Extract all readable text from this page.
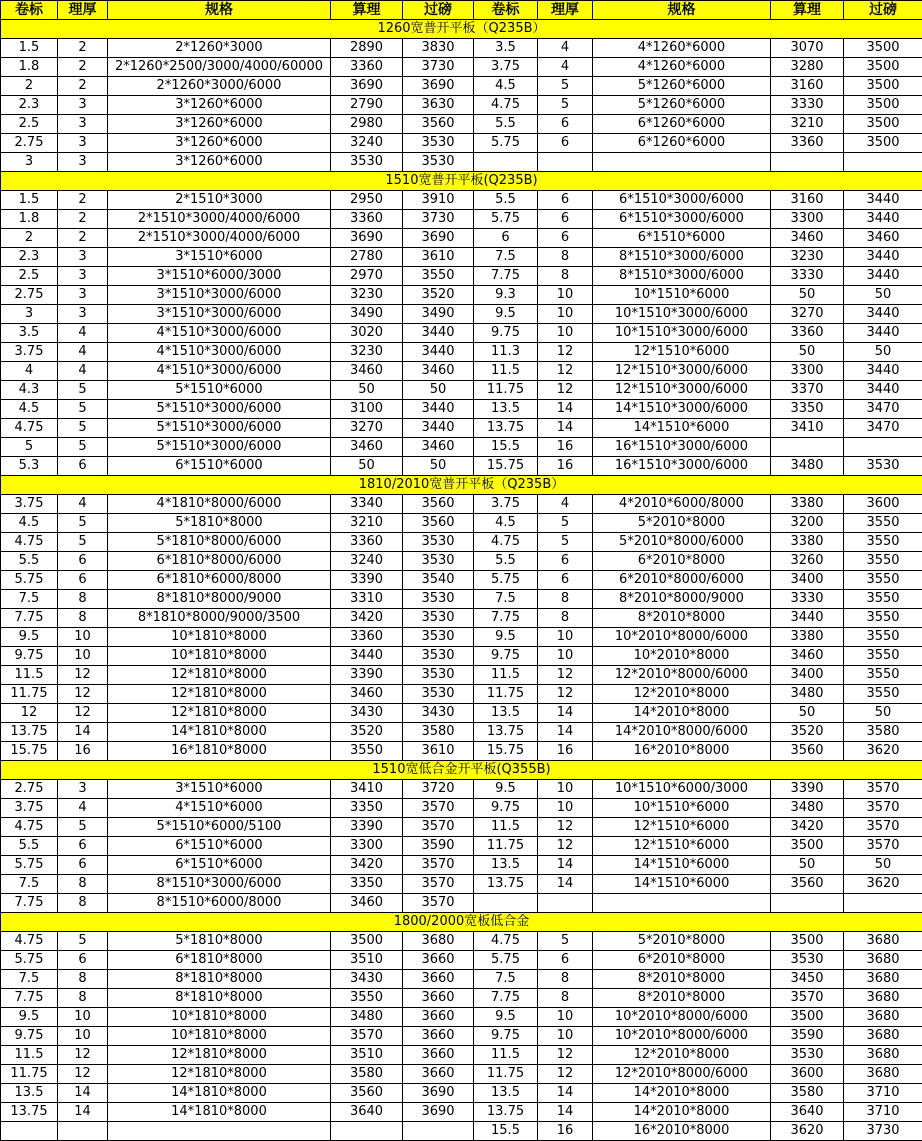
卷标	理厚	规格	算理	过磅	卷标	理厚	规格	算理	过磅
1260宽普开平板（Q235B）									
1.5	2	2*1260*3000	2890	3830	3.5	4	4*1260*6000	3070	3500
1.8	2	2*1260*2500/3000/4000/60000	3360	3730	3.75	4	4*1260*6000	3280	3500
2	2	2*1260*3000/6000	3690	3690	4.5	5	5*1260*6000	3160	3500
2.3	3	3*1260*6000	2790	3630	4.75	5	5*1260*6000	3330	3500
2.5	3	3*1260*6000	2980	3560	5.5	6	6*1260*6000	3210	3500
2.75	3	3*1260*6000	3240	3530	5.75	6	6*1260*6000	3360	3500
3	3	3*1260*6000	3530	3530					
1510宽普开平板(Q235B)									
1.5	2	2*1510*3000	2950	3910	5.5	6	6*1510*3000/6000	3160	3440
1.8	2	2*1510*3000/4000/6000	3360	3730	5.75	6	6*1510*3000/6000	3300	3440
2	2	2*1510*3000/4000/6000	3690	3690	6	6	6*1510*6000	3460	3460
2.3	3	3*1510*6000	2780	3610	7.5	8	8*1510*3000/6000	3230	3440
2.5	3	3*1510*6000/3000	2970	3550	7.75	8	8*1510*3000/6000	3330	3440
2.75	3	3*1510*3000/6000	3230	3520	9.3	10	10*1510*6000	50	50
3	3	3*1510*3000/6000	3490	3490	9.5	10	10*1510*3000/6000	3270	3440
3.5	4	4*1510*3000/6000	3020	3440	9.75	10	10*1510*3000/6000	3360	3440
3.75	4	4*1510*3000/6000	3230	3440	11.3	12	12*1510*6000	50	50
4	4	4*1510*3000/6000	3460	3460	11.5	12	12*1510*3000/6000	3300	3440
4.3	5	5*1510*6000	50	50	11.75	12	12*1510*3000/6000	3370	3440
4.5	5	5*1510*3000/6000	3100	3440	13.5	14	14*1510*3000/6000	3350	3470
4.75	5	5*1510*3000/6000	3270	3440	13.75	14	14*1510*6000	3410	3470
5	5	5*1510*3000/6000	3460	3460	15.5	16	16*1510*3000/6000		
5.3	6	6*1510*6000	50	50	15.75	16	16*1510*3000/6000	3480	3530
1810/2010宽普开平板（Q235B）									
3.75	4	4*1810*8000/6000	3340	3560	3.75	4	4*2010*6000/8000	3380	3600
4.5	5	5*1810*8000	3210	3560	4.5	5	5*2010*8000	3200	3550
4.75	5	5*1810*8000/6000	3360	3530	4.75	5	5*2010*8000/6000	3380	3550
5.5	6	6*1810*8000/6000	3240	3530	5.5	6	6*2010*8000	3260	3550
5.75	6	6*1810*6000/8000	3390	3540	5.75	6	6*2010*8000/6000	3400	3550
7.5	8	8*1810*8000/9000	3310	3530	7.5	8	8*2010*8000/9000	3330	3550
7.75	8	8*1810*8000/9000/3500	3420	3530	7.75	8	8*2010*8000	3440	3550
9.5	10	10*1810*8000	3360	3530	9.5	10	10*2010*8000/6000	3380	3550
9.75	10	10*1810*8000	3440	3530	9.75	10	10*2010*8000	3460	3550
11.5	12	12*1810*8000	3390	3530	11.5	12	12*2010*8000/6000	3400	3550
11.75	12	12*1810*8000	3460	3530	11.75	12	12*2010*8000	3480	3550
12	12	12*1810*8000	3430	3430	13.5	14	14*2010*8000	50	50
13.75	14	14*1810*8000	3520	3580	13.75	14	14*2010*8000/6000	3520	3580
15.75	16	16*1810*8000	3550	3610	15.75	16	16*2010*8000	3560	3620
1510宽低合金开平板(Q355B)									
2.75	3	3*1510*6000	3410	3720	9.5	10	10*1510*6000/3000	3390	3570
3.75	4	4*1510*6000	3350	3570	9.75	10	10*1510*6000	3480	3570
4.75	5	5*1510*6000/5100	3390	3570	11.5	12	12*1510*6000	3420	3570
5.5	6	6*1510*6000	3300	3590	11.75	12	12*1510*6000	3500	3570
5.75	6	6*1510*6000	3420	3570	13.5	14	14*1510*6000	50	50
7.5	8	8*1510*3000/6000	3350	3570	13.75	14	14*1510*6000	3560	3620
7.75	8	8*1510*6000/8000	3460	3570					
1800/2000宽板低合金									
4.75	5	5*1810*8000	3500	3680	4.75	5	5*2010*8000	3500	3680
5.75	6	6*1810*8000	3510	3660	5.75	6	6*2010*8000	3530	3680
7.5	8	8*1810*8000	3430	3660	7.5	8	8*2010*8000	3450	3680
7.75	8	8*1810*8000	3550	3660	7.75	8	8*2010*8000	3570	3680
9.5	10	10*1810*8000	3480	3660	9.5	10	10*2010*8000/6000	3500	3680
9.75	10	10*1810*8000	3570	3660	9.75	10	10*2010*8000/6000	3590	3680
11.5	12	12*1810*8000	3510	3660	11.5	12	12*2010*8000	3530	3680
11.75	12	12*1810*8000	3580	3660	11.75	12	12*2010*8000/6000	3600	3680
13.5	14	14*1810*8000	3560	3690	13.5	14	14*2010*8000	3580	3710
13.75	14	14*1810*8000	3640	3690	13.75	14	14*2010*8000	3640	3710
					15.5	16	16*2010*8000	3620	3730
